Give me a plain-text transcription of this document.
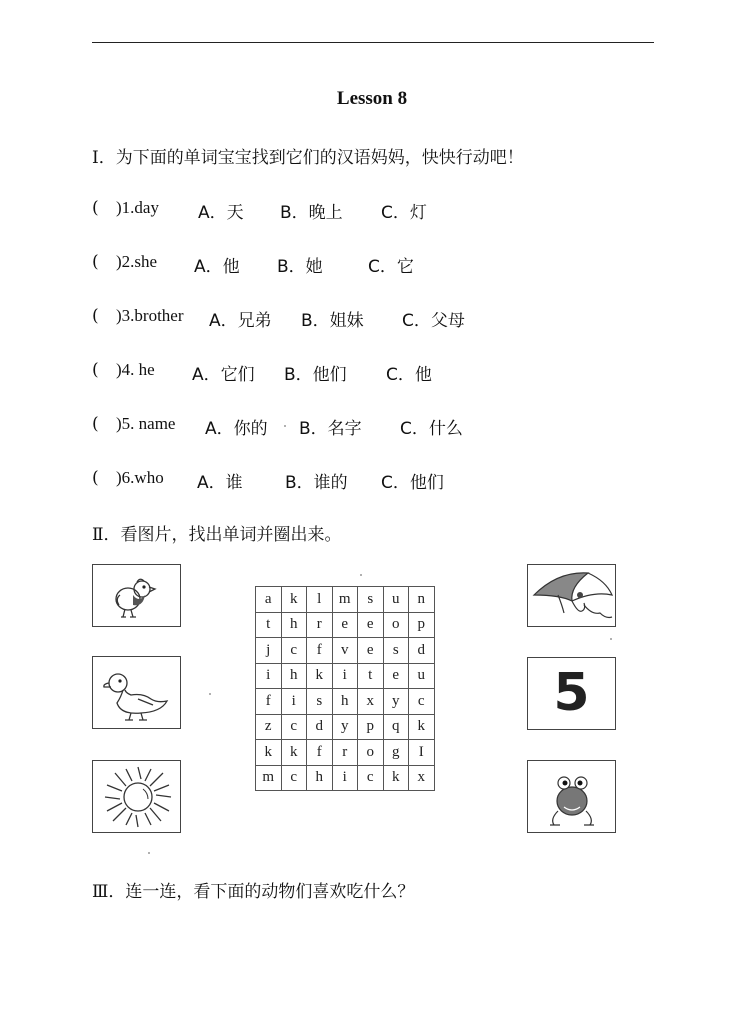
Lesson 8
I．为下面的单词宝宝找到它们的汉语妈妈，快快行动吧！
( )1.day A．天 B．晚上 C．灯
( )2.she A．他 B．她	C．它
( )3.brother A．兄弟 B．姐妹 C．父母
( )4. he A．它们 B．他们 C．他
( )5. name A．你的 B．名字 C．什么
( )6.who A．谁 B．谁的 C．他们
Ⅱ．看图片，找出单词并圈出来。
a	k	l	m	s	u	n
t	h	r	e	e	o	p
j	c	f	v	e	s	d
i	h	k	i	t	e	u
f	i	s	h	x	y	c
z	c	d	y	p	q	k
k	k	f	r	o	g	I
m	c	h	i	c	k	x
5
Ⅲ．连一连，看下面的动物们喜欢吃什么？
